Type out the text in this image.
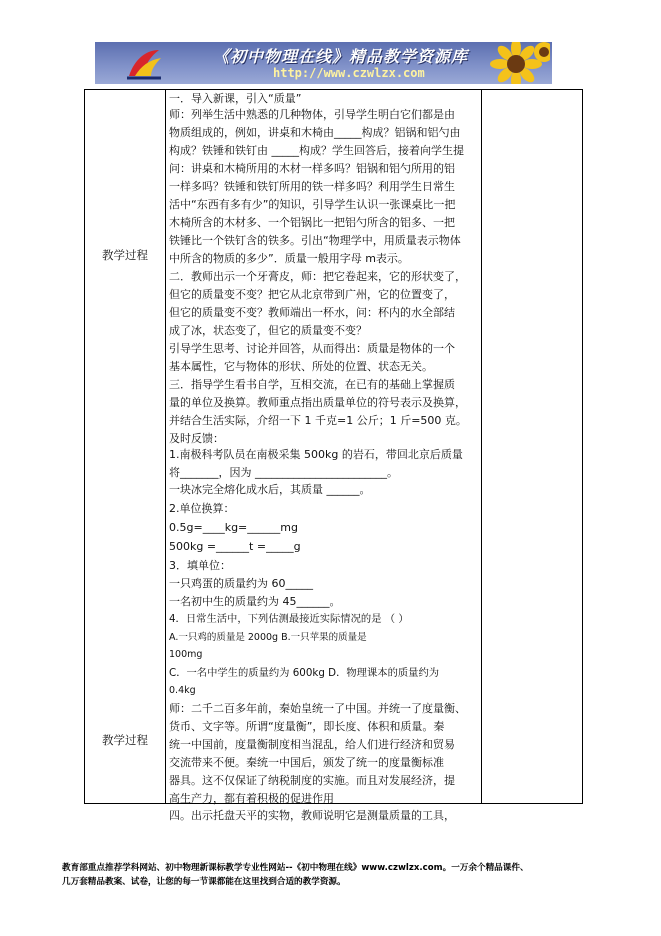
《初中物理在线》精品教学资源库
http://www.czwlzx.com
教学过程
教学过程
一．导入新课，引入“质量”
师：列举生活中熟悉的几种物体，引导学生明白它们都是由
物质组成的，例如，讲桌和木椅由_____构成？铝锅和铝勺由
构成？铁锤和铁钉由 _____构成？学生回答后，接着向学生提
问：讲桌和木椅所用的木材一样多吗？铝锅和铝勺所用的铝
一样多吗？铁锤和铁钉所用的铁一样多吗？利用学生日常生
活中“东西有多有少”的知识，引导学生认识一张课桌比一把
木椅所含的木材多、一个铝锅比一把铝勺所含的铝多、一把
铁锤比一个铁钉含的铁多。引出“物理学中，用质量表示物体
中所含的物质的多少”．质量一般用字母 m表示。
二．教师出示一个牙膏皮，师：把它卷起来，它的形状变了，
但它的质量变不变？把它从北京带到广州，它的位置变了，
但它的质量变不变？教师端出一杯水，问：杯内的水全部结
成了冰，状态变了，但它的质量变不变？
引导学生思考、讨论并回答，从而得出：质量是物体的一个
基本属性，它与物体的形状、所处的位置、状态无关。
三．指导学生看书自学，互相交流，在已有的基础上掌握质
量的单位及换算。教师重点指出质量单位的符号表示及换算，
并结合生活实际，介绍一下 1 千克=1 公斤；1 斤=500 克。
及时反馈：
1.南极科考队员在南极采集 500kg 的岩石，带回北京后质量
将_______，因为 ________________________。
一块冰完全熔化成水后，其质量 ______。
2.单位换算：
0.5g=____kg=______mg
500kg =______t =_____g
3．填单位：
一只鸡蛋的质量约为 60_____
一名初中生的质量约为 45______。
4．日常生活中，下列估测最接近实际情况的是 （ ）
A.一只鸡的质量是 2000g B.一只苹果的质量是
100mg
C．一名中学生的质量约为 600kg D．物理课本的质量约为
0.4kg
师：二千二百多年前，秦始皇统一了中国。并统一了度量衡、
货币、文字等。所谓“度量衡”，即长度、体积和质量。秦
统一中国前，度量衡制度相当混乱，给人们进行经济和贸易
交流带来不便。秦统一中国后，颁发了统一的度量衡标准
器具。这不仅保证了纳税制度的实施。而且对发展经济，提
高生产力，都有着积极的促进作用
四。出示托盘天平的实物，教师说明它是测量质量的工具，
教育部重点推荐学科网站、初中物理新课标教学专业性网站--《初中物理在线》www.czwlzx.com。一万余个精品课件、
几万套精品教案、试卷，让您的每一节课都能在这里找到合适的教学资源。
